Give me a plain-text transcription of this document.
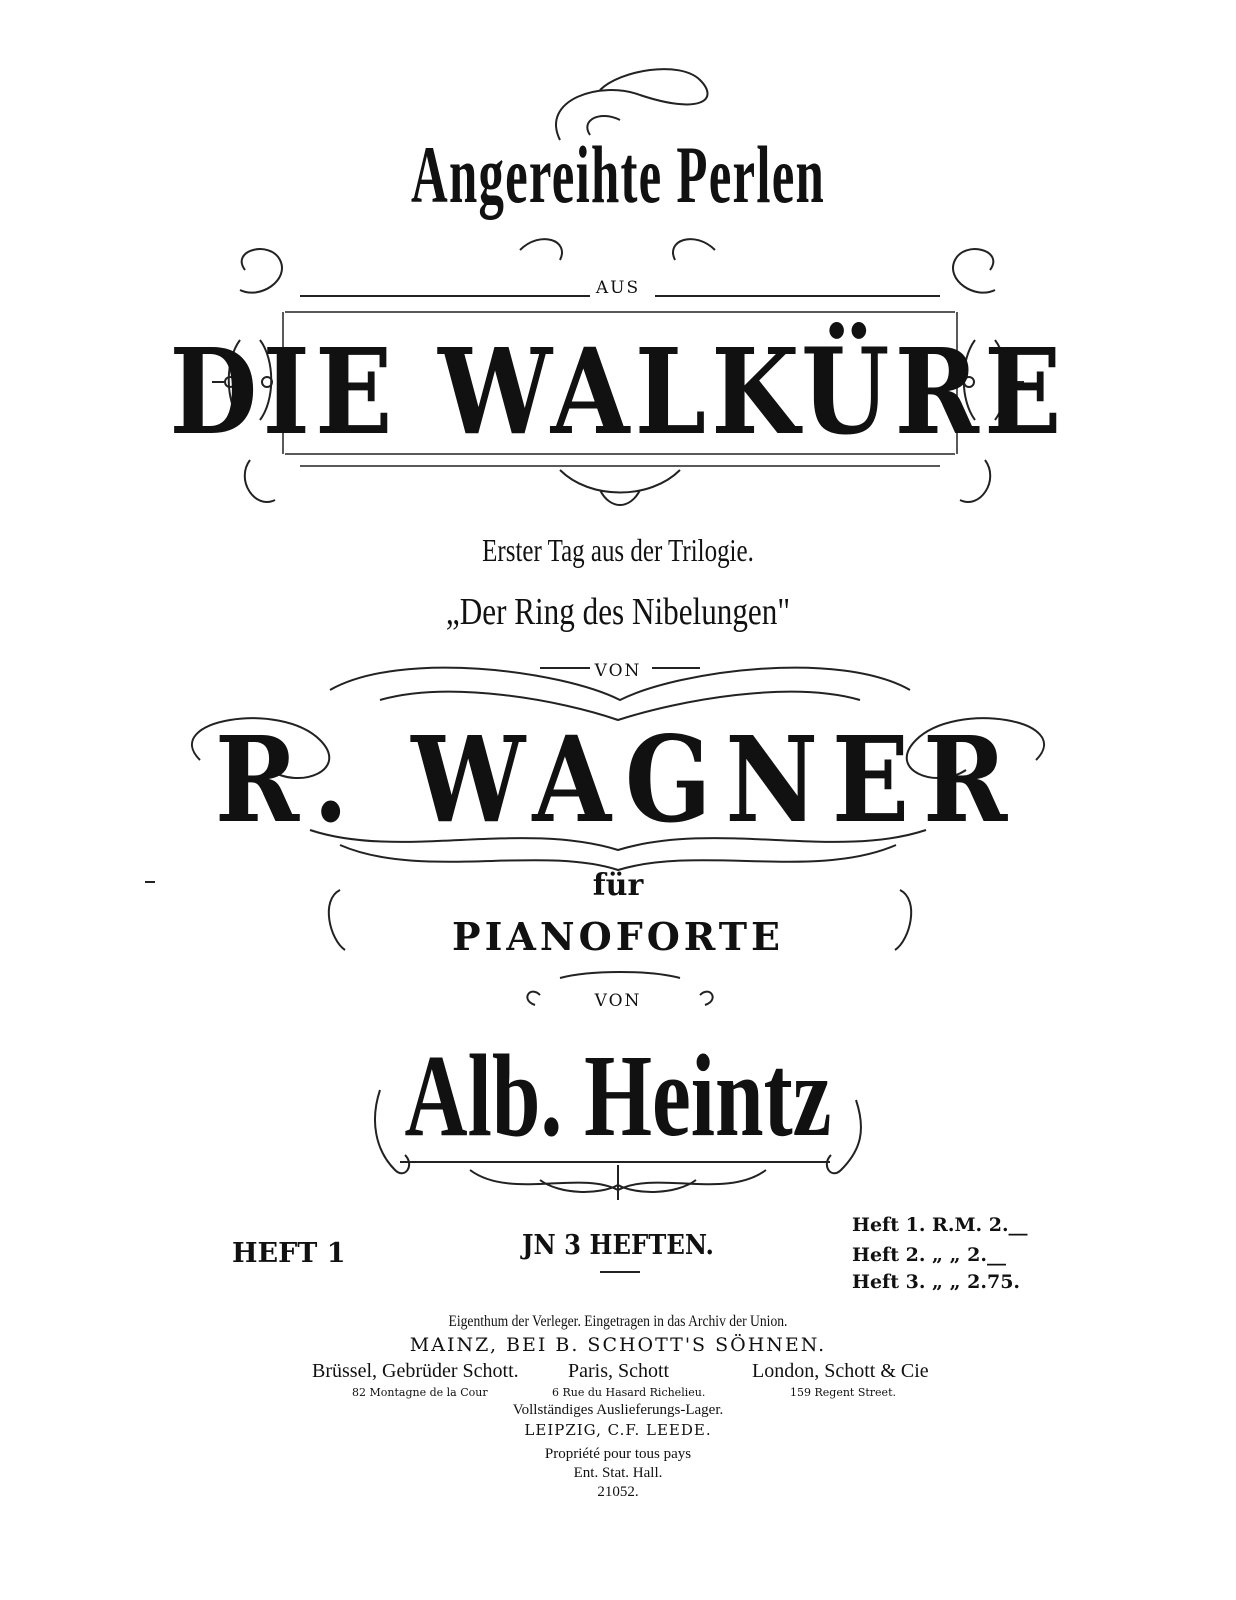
Angereihte Perlen
AUS
DIE WALKÜRE
Erster Tag aus der Trilogie.
„Der Ring des Nibelungen"
VON
R. WAGNER
für
PIANOFORTE
VON
Alb. Heintz
HEFT 1	JN 3 HEFTEN.
Heft 1. R.M. 2.__
Heft 2. „ „ 2.__
Heft 3. „ „ 2.75.
Eigenthum der Verleger. Eingetragen in das Archiv der Union.
MAINZ, BEI B. SCHOTT'S SÖHNEN.
Brüssel, Gebrüder Schott.
82 Montagne de la Cour
Paris, Schott
6 Rue du Hasard Richelieu.
London, Schott & Cie
159 Regent Street.
Vollständiges Auslieferungs-Lager.
LEIPZIG, C.F. LEEDE.
Propriété pour tous pays
Ent. Stat. Hall.
21052.
